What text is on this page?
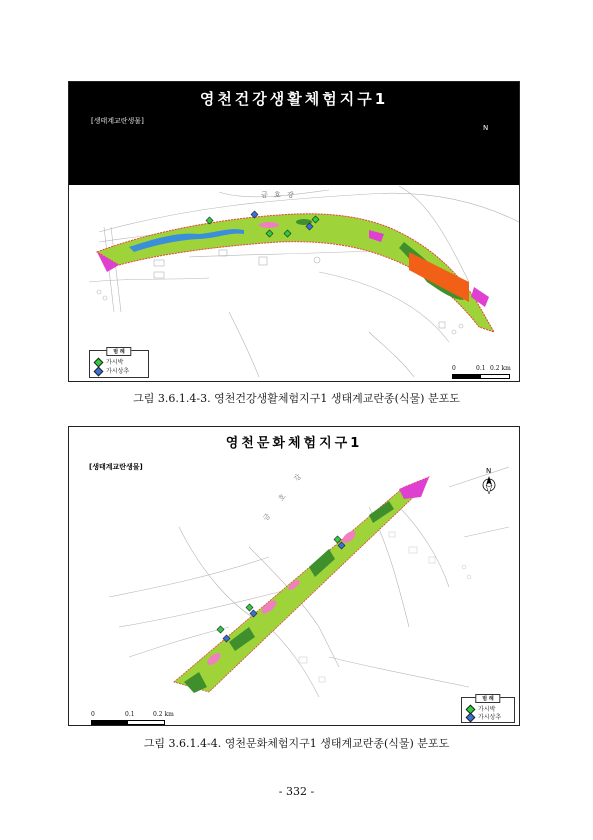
영천건강생활체험지구1
[생태계교란생물]
N
금 호 강
범 례
가시박
가시상추	0	0.1 0.2 km
그림 3.6.1.4-3. 영천건강생활체험지구1 생태계교란종(식물) 분포도
영천문화체험지구1
[생태계교란생물]	N
금 호 강
범 례
가시박
가시상추
0	0.1	0.2 km
그림 3.6.1.4-4. 영천문화체험지구1 생태계교란종(식물) 분포도
- 332 -
